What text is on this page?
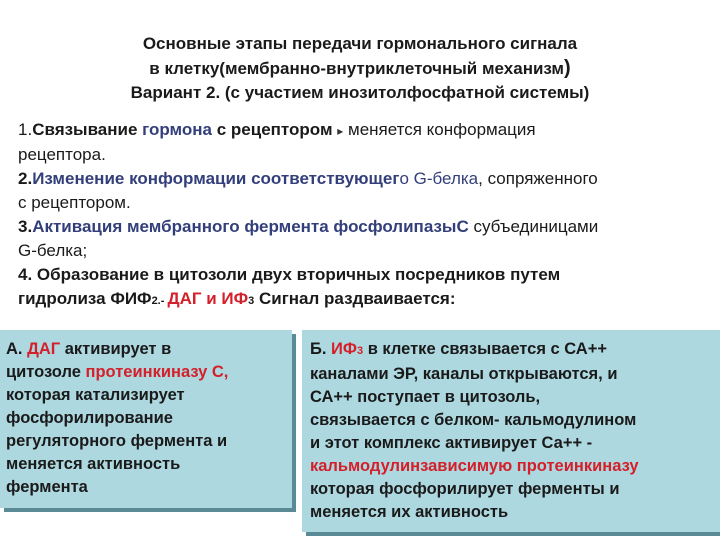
Основные этапы передачи гормонального сигнала
в клетку(мембранно-внутриклеточный механизм)
Вариант 2. (с участием инозитолфосфатной системы)

1.Связывание гормона с рецептором ▸ меняется конформация
рецептора.

2.Изменение конформации соответствующего G-белка, сопряженного
с рецептором.

3.Активация мембранного фермента фосфолипазыС субъединицами
G-белка;

4. Образование в цитозоли двух вторичных посредников путем
гидролиза ФИФ2.- ДАГ и ИФ3 Сигнал раздваивается:

А. ДАГ активирует в
цитозоле протеинкиназу С,
которая катализирует
фосфорилирование
регуляторного фермента и
меняется активность
фермента
Б. ИФ3 в клетке связывается с СА++
каналами ЭР, каналы открываются, и
СА++ поступает в цитозоль,
связывается с белком- кальмодулином
и этот комплекс активирует Са++ -
кальмодулинзависимую протеинкиназу
которая фосфорилирует ферменты и
меняется их активность
